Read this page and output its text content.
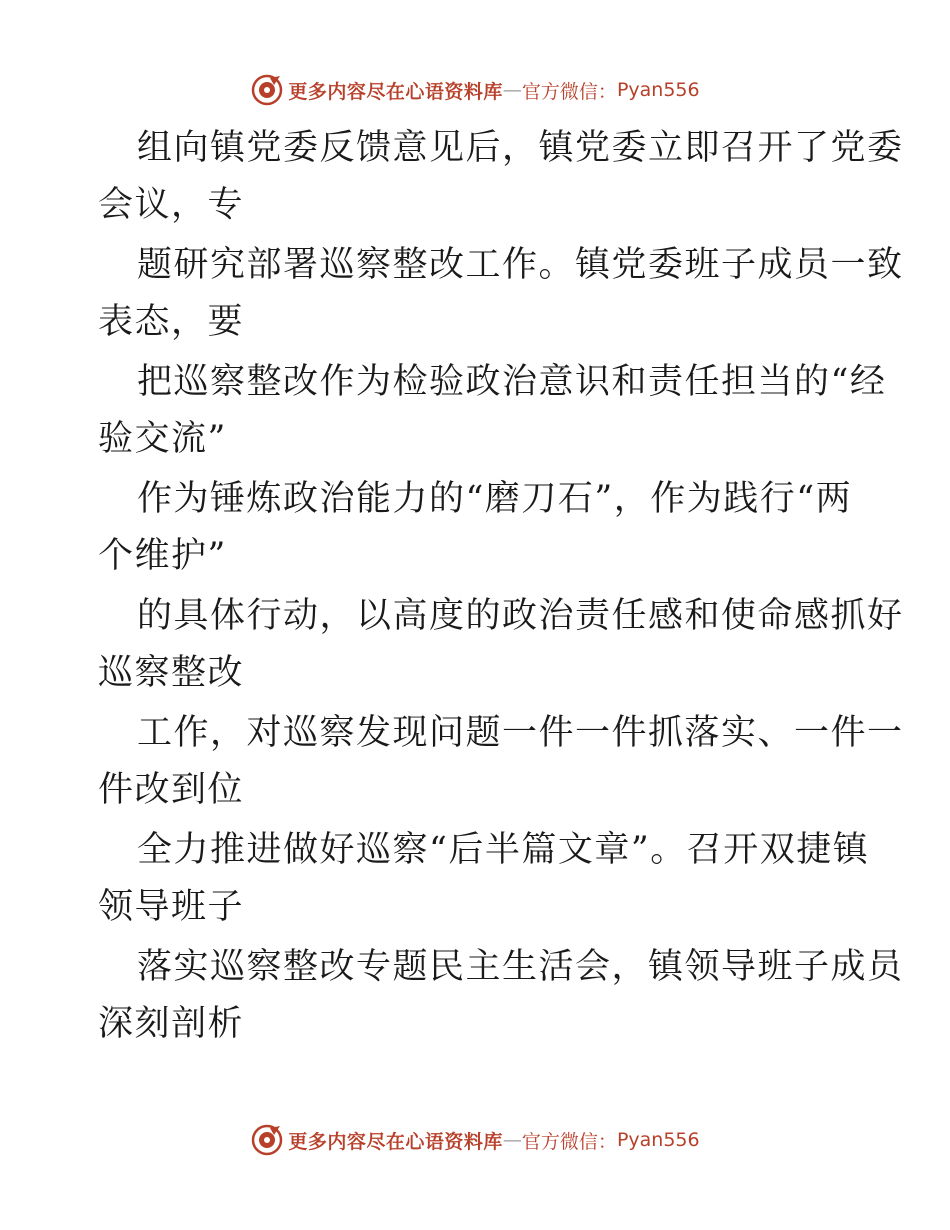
更多内容尽在心语资料库 — 官方微信： Pyan556
组向镇党委反馈意见后，镇党委立即召开了党委
会议，专
题研究部署巡察整改工作。镇党委班子成员一致
表态，要
把巡察整改作为检验政治意识和责任担当的“经
验交流”
作为锤炼政治能力的“磨刀石”，作为践行“两
个维护”
的具体行动，以高度的政治责任感和使命感抓好
巡察整改
工作，对巡察发现问题一件一件抓落实、一件一
件改到位
全力推进做好巡察“后半篇文章”。召开双捷镇
领导班子
落实巡察整改专题民主生活会，镇领导班子成员
深刻剖析
更多内容尽在心语资料库 — 官方微信： Pyan556
